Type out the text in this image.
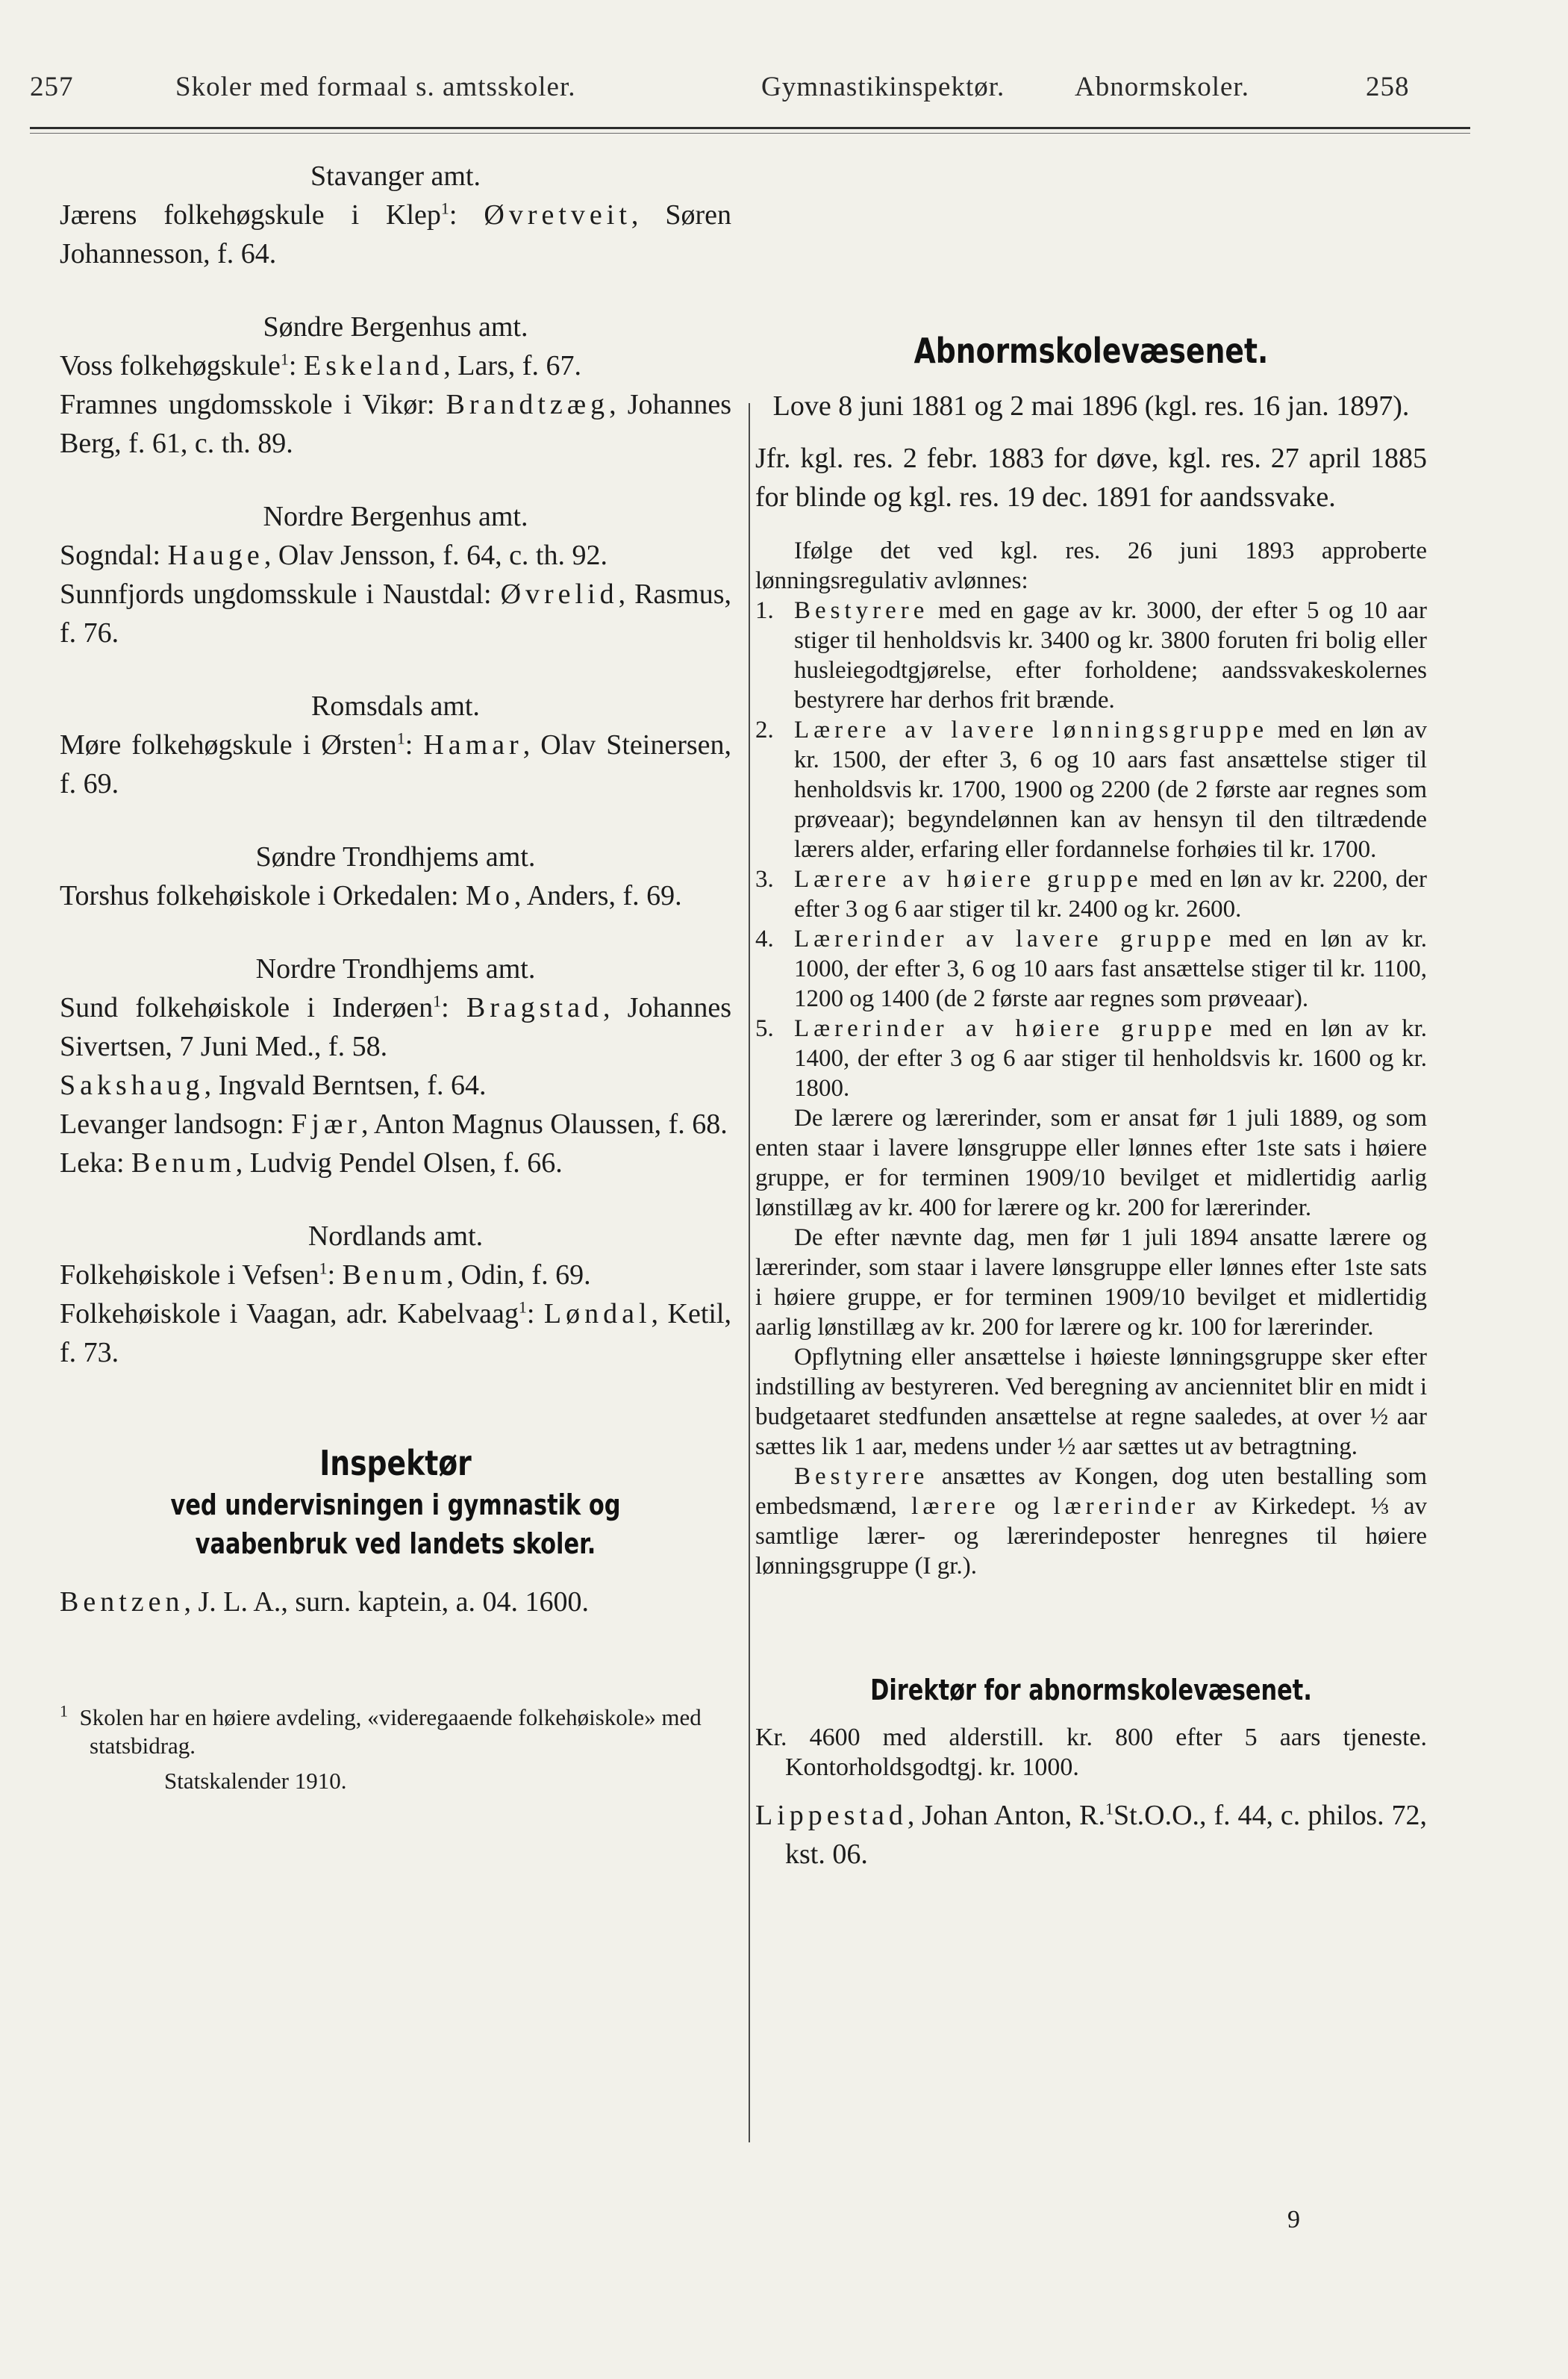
257	Skoler med formaal s. amtsskoler.	Gymnastikinspektør.	Abnormskoler.	258

Stavanger amt.

Jærens folkehøgskule i Klep$^1$: Øvretveit, Søren Johannesson, f. 64.

Søndre Bergenhus amt.

Voss folkehøgskule$^1$: Eskeland, Lars, f. 67.

Framnes ungdomsskole i Vikør: Brandtzæg, Johannes Berg, f. 61, c. th. 89.

Nordre Bergenhus amt.

Sogndal: Hauge, Olav Jensson, f. 64, c. th. 92.

Sunnfjords ungdomsskule i Naustdal: Øvrelid, Rasmus, f. 76.

Romsdals amt.

Møre folkehøgskule i Ørsten$^1$: Hamar, Olav Steinersen, f. 69.

Søndre Trondhjems amt.

Torshus folkehøiskole i Orkedalen: Mo, Anders, f. 69.

Nordre Trondhjems amt.

Sund folkehøiskole i Inderøen$^1$: Bragstad, Johannes Sivertsen, 7 Juni Med., f. 58.

Sakshaug, Ingvald Berntsen, f. 64.

Levanger landsogn: Fjær, Anton Magnus Olaussen, f. 68.

Leka: Benum, Ludvig Pendel Olsen, f. 66.

Nordlands amt.

Folkehøiskole i Vefsen$^1$: Benum, Odin, f. 69.

Folkehøiskole i Vaagan, adr. Kabelvaag$^1$: Løndal, Ketil, f. 73.

Inspektør

ved undervisningen i gymnastik og vaabenbruk ved landets skoler.

Bentzen, J. L. A., surn. kaptein, a. 04. 1600.

$^1$ Skolen har en høiere avdeling, «videregaaende folkehøiskole» med statsbidrag.

Statskalender 1910.

Abnormskolevæsenet.

Love 8 juni 1881 og 2 mai 1896 (kgl. res. 16 jan. 1897).

Jfr. kgl. res. 2 febr. 1883 for døve, kgl. res. 27 april 1885 for blinde og kgl. res. 19 dec. 1891 for aandssvake.

Ifølge det ved kgl. res. 26 juni 1893 approberte lønningsregulativ avlønnes:

1. Bestyrere med en gage av kr. 3000, der efter 5 og 10 aar stiger til henholdsvis kr. 3400 og kr. 3800 foruten fri bolig eller husleiegodtgjørelse, efter forholdene; aandssvakeskolernes bestyrere har derhos frit brænde.
2. Lærere av lavere lønningsgruppe med en løn av kr. 1500, der efter 3, 6 og 10 aars fast ansættelse stiger til henholdsvis kr. 1700, 1900 og 2200 (de 2 første aar regnes som prøveaar); begyndelønnen kan av hensyn til den tiltrædende lærers alder, erfaring eller fordannelse forhøies til kr. 1700.
3. Lærere av høiere gruppe med en løn av kr. 2200, der efter 3 og 6 aar stiger til kr. 2400 og kr. 2600.
4. Lærerinder av lavere gruppe med en løn av kr. 1000, der efter 3, 6 og 10 aars fast ansættelse stiger til kr. 1100, 1200 og 1400 (de 2 første aar regnes som prøveaar).
5. Lærerinder av høiere gruppe med en løn av kr. 1400, der efter 3 og 6 aar stiger til henholdsvis kr. 1600 og kr. 1800.

De lærere og lærerinder, som er ansat før 1 juli 1889, og som enten staar i lavere lønsgruppe eller lønnes efter 1ste sats i høiere gruppe, er for terminen 1909/10 bevilget et midlertidig aarlig lønstillæg av kr. 400 for lærere og kr. 200 for lærerinder.

De efter nævnte dag, men før 1 juli 1894 ansatte lærere og lærerinder, som staar i lavere lønsgruppe eller lønnes efter 1ste sats i høiere gruppe, er for terminen 1909/10 bevilget et midlertidig aarlig lønstillæg av kr. 200 for lærere og kr. 100 for lærerinder.

Opflytning eller ansættelse i høieste lønningsgruppe sker efter indstilling av bestyreren. Ved beregning av anciennitet blir en midt i budgetaaret stedfunden ansættelse at regne saaledes, at over ½ aar sættes lik 1 aar, medens under ½ aar sættes ut av betragtning.

Bestyrere ansættes av Kongen, dog uten bestalling som embedsmænd, lærere og lærerinder av Kirkedept. ⅓ av samtlige lærer- og lærerindeposter henregnes til høiere lønningsgruppe (I gr.).

Direktør for abnormskolevæsenet.

Kr. 4600 med alderstill. kr. 800 efter 5 aars tjeneste. Kontorholdsgodtgj. kr. 1000.

Lippestad, Johan Anton, R.$^1$St.O.O., f. 44, c. philos. 72, kst. 06.

9
